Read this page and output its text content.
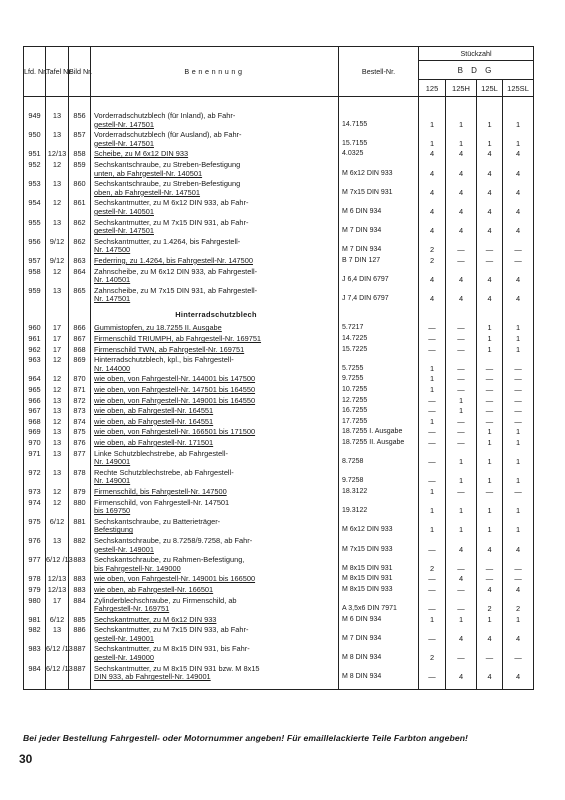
Lfd. Nr.	Tafel Nr.	Bild Nr.	Benennung	Bestell-Nr.	Stückzahl			
					B D G			
					125	125H	125L	125SL

949	13	856	Vorderradschutzblech (für Inland), ab Fahr-
gestell-Nr. 147501	14.7155	1	1	1	1
950	13	857	Vorderradschutzblech (für Ausland), ab Fahr-
gestell-Nr. 147501	15.7155	1	1	1	1
951	12/13	858	Scheibe, zu M 6x12 DIN 933	4.0325	4	4	4	4
952	12	859	Sechskantschraube, zu Streben-Befestigung
unten, ab Fahrgestell-Nr. 140501	M 6x12 DIN 933	4	4	4	4
953	13	860	Sechskantschraube, zu Streben-Befestigung
oben, ab Fahrgestell-Nr. 147501	M 7x15 DIN 931	4	4	4	4
954	12	861	Sechskantmutter, zu M 6x12 DIN 933, ab Fahr-
gestell-Nr. 140501	M 6 DIN 934	4	4	4	4
955	13	862	Sechskantmutter, zu M 7x15 DIN 931, ab Fahr-
gestell-Nr. 147501	M 7 DIN 934	4	4	4	4
956	9/12	862	Sechskantmutter, zu 1.4264, bis Fahrgestell-
Nr. 147500	M 7 DIN 934	2	—	—	—
957	9/12	863	Federring, zu 1.4264, bis Fahrgestell-Nr. 147500	B 7 DIN 127	2	—	—	—
958	12	864	Zahnscheibe, zu M 6x12 DIN 933, ab Fahrgestell-
Nr. 140501	J 6,4 DIN 6797	4	4	4	4
959	13	865	Zahnscheibe, zu M 7x15 DIN 931, ab Fahrgestell-
Nr. 147501	J 7,4 DIN 6797	4	4	4	4
			Hinterradschutzblech					
960	17	866	Gummistopfen, zu 18.7255 II. Ausgabe	5.7217	—	—	1	1
961	17	867	Firmenschild TRIUMPH, ab Fahrgestell-Nr. 169751	14.7225	—	—	1	1
962	17	868	Firmenschild TWN, ab Fahrgestell-Nr. 169751	15.7225	—	—	1	1
963	12	869	Hinterradschutzblech, kpl., bis Fahrgestell-
Nr. 144000	5.7255	1	—	—	—
964	12	870	wie oben, von Fahrgestell-Nr. 144001 bis 147500	9.7255	1	—	—	—
965	12	871	wie oben, von Fahrgestell-Nr. 147501 bis 164550	10.7255	1	—	—	—
966	13	872	wie oben, von Fahrgestell-Nr. 149001 bis 164550	12.7255	—	1	—	—
967	13	873	wie oben, ab Fahrgestell-Nr. 164551	16.7255	—	1	—	—
968	12	874	wie oben, ab Fahrgestell-Nr. 164551	17.7255	1	—	—	—
969	13	875	wie oben, von Fahrgestell-Nr. 166501 bis 171500	18.7255 I. Ausgabe	—	—	1	1
970	13	876	wie oben, ab Fahrgestell-Nr. 171501	18.7255 II. Ausgabe	—	—	1	1
971	13	877	Linke Schutzblechstrebe, ab Fahrgestell-
Nr. 149001	8.7258	—	1	1	1
972	13	878	Rechte Schutzblechstrebe, ab Fahrgestell-
Nr. 149001	9.7258	—	1	1	1
973	12	879	Firmenschild, bis Fahrgestell-Nr. 147500	18.3122	1	—	—	—
974	12	880	Firmenschild, von Fahrgestell-Nr. 147501
bis 169750	19.3122	1	1	1	1
975	6/12	881	Sechskantschraube, zu Batterieträger-
Befestigung	M 6x12 DIN 933	1	1	1	1
976	13	882	Sechskantschraube, zu 8.7258/9.7258, ab Fahr-
gestell-Nr. 149001	M 7x15 DIN 933	—	4	4	4
977	6/12 /13	883	Sechskantschraube, zu Rahmen-Befestigung,
bis Fahrgestell-Nr. 149000	M 8x15 DIN 931	2	—	—	—
978	12/13	883	wie oben, von Fahrgestell-Nr. 149001 bis 166500	M 8x15 DIN 931	—	4	—	—
979	12/13	883	wie oben, ab Fahrgestell-Nr. 166501	M 8x15 DIN 933	—	—	4	4
980	17	884	Zylinderblechschraube, zu Firmenschild, ab
Fahrgestell-Nr. 169751	A 3,5x6 DIN 7971	—	—	2	2
981	6/12	885	Sechskantmutter, zu M 6x12 DIN 933	M 6 DIN 934	1	1	1	1
982	13	886	Sechskantmutter, zu M 7x15 DIN 933, ab Fahr-
gestell-Nr. 149001	M 7 DIN 934	—	4	4	4
983	6/12 /13	887	Sechskantmutter, zu M 8x15 DIN 931, bis Fahr-
gestell-Nr. 149000	M 8 DIN 934	2	—	—	—
984	6/12 /13	887	Sechskantmutter, zu M 8x15 DIN 931 bzw. M 8x15
DIN 933, ab Fahrgestell-Nr. 149001	M 8 DIN 934	—	4	4	4

Bei jeder Bestellung Fahrgestell- oder Motornummer angeben! Für emaillelackierte Teile Farbton angeben!
30
